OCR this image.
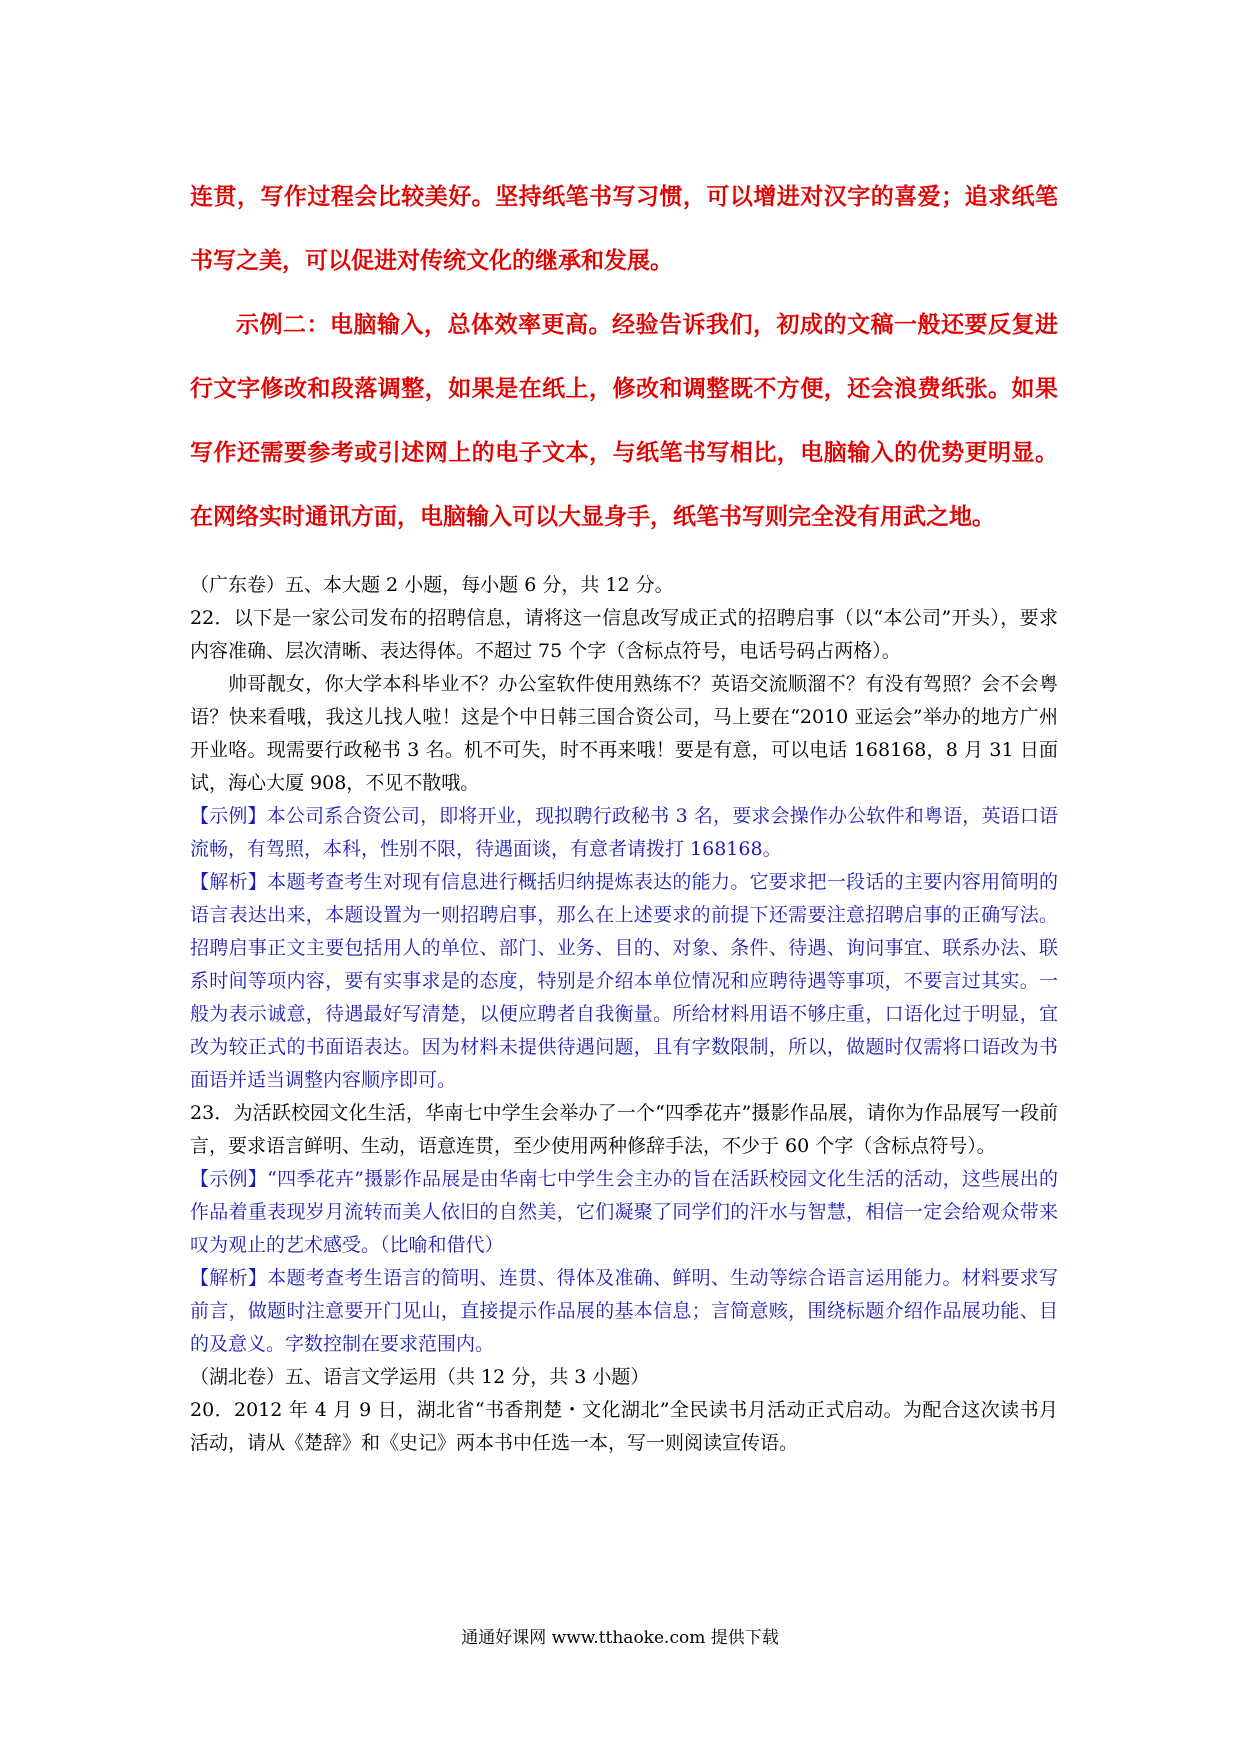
连贯，写作过程会比较美好。坚持纸笔书写习惯，可以增进对汉字的喜爱；追求纸笔书写之美，可以促进对传统文化的继承和发展。

示例二：电脑输入，总体效率更高。经验告诉我们，初成的文稿一般还要反复进行文字修改和段落调整，如果是在纸上，修改和调整既不方便，还会浪费纸张。如果写作还需要参考或引述网上的电子文本，与纸笔书写相比，电脑输入的优势更明显。在网络实时通讯方面，电脑输入可以大显身手，纸笔书写则完全没有用武之地。

（广东卷）五、本大题 2 小题，每小题 6 分，共 12 分。

22．以下是一家公司发布的招聘信息，请将这一信息改写成正式的招聘启事（以“本公司”开头），要求内容准确、层次清晰、表达得体。不超过 75 个字（含标点符号，电话号码占两格）。

帅哥靓女，你大学本科毕业不？办公室软件使用熟练不？英语交流顺溜不？有没有驾照？会不会粤语？快来看哦，我这儿找人啦！这是个中日韩三国合资公司，马上要在“2010 亚运会”举办的地方广州开业咯。现需要行政秘书 3 名。机不可失，时不再来哦！要是有意，可以电话 168168，8 月 31 日面试，海心大厦 908，不见不散哦。

【示例】本公司系合资公司，即将开业，现拟聘行政秘书 3 名，要求会操作办公软件和粤语，英语口语流畅，有驾照，本科，性别不限，待遇面谈，有意者请拨打 168168。

【解析】本题考查考生对现有信息进行概括归纳提炼表达的能力。它要求把一段话的主要内容用简明的语言表达出来，本题设置为一则招聘启事，那么在上述要求的前提下还需要注意招聘启事的正确写法。招聘启事正文主要包括用人的单位、部门、业务、目的、对象、条件、待遇、询问事宜、联系办法、联系时间等项内容，要有实事求是的态度，特别是介绍本单位情况和应聘待遇等事项，不要言过其实。一般为表示诚意，待遇最好写清楚，以便应聘者自我衡量。所给材料用语不够庄重，口语化过于明显，宜改为较正式的书面语表达。因为材料未提供待遇问题，且有字数限制，所以，做题时仅需将口语改为书面语并适当调整内容顺序即可。

23．为活跃校园文化生活，华南七中学生会举办了一个“四季花卉”摄影作品展，请你为作品展写一段前言，要求语言鲜明、生动，语意连贯，至少使用两种修辞手法，不少于 60 个字（含标点符号）。

【示例】“四季花卉”摄影作品展是由华南七中学生会主办的旨在活跃校园文化生活的活动，这些展出的作品着重表现岁月流转而美人依旧的自然美，它们凝聚了同学们的汗水与智慧，相信一定会给观众带来叹为观止的艺术感受。（比喻和借代）

【解析】本题考查考生语言的简明、连贯、得体及准确、鲜明、生动等综合语言运用能力。材料要求写前言，做题时注意要开门见山，直接提示作品展的基本信息；言简意赅，围绕标题介绍作品展功能、目的及意义。字数控制在要求范围内。

（湖北卷）五、语言文学运用（共 12 分，共 3 小题）

20．2012 年 4 月 9 日，湖北省“书香荆楚・文化湖北”全民读书月活动正式启动。为配合这次读书月活动，请从《楚辞》和《史记》两本书中任选一本，写一则阅读宣传语。

通通好课网 www.tthaoke.com 提供下载
